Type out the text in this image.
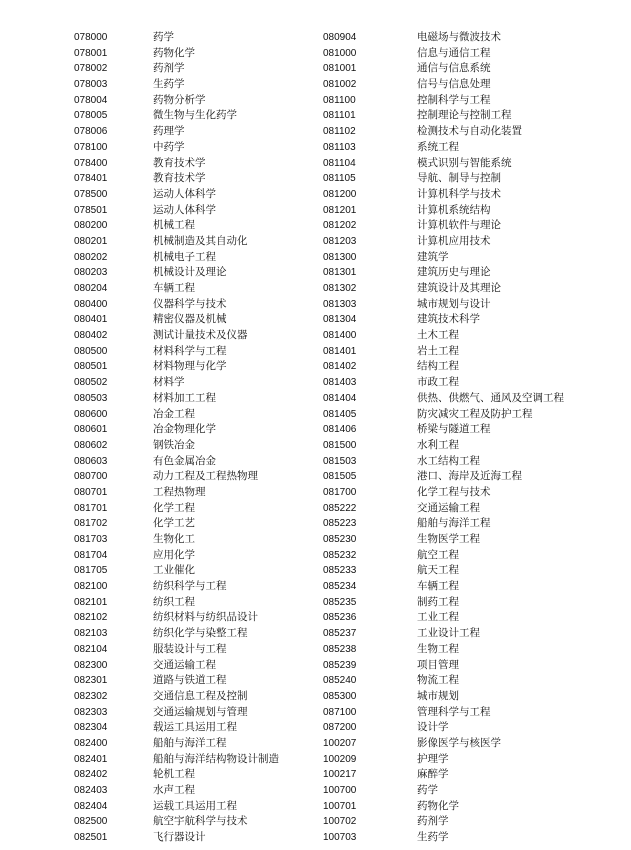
078000	药学
078001	药物化学
078002	药剂学
078003	生药学
078004	药物分析学
078005	微生物与生化药学
078006	药理学
078100	中药学
078400	教育技术学
078401	教育技术学
078500	运动人体科学
078501	运动人体科学
080200	机械工程
080201	机械制造及其自动化
080202	机械电子工程
080203	机械设计及理论
080204	车辆工程
080400	仪器科学与技术
080401	精密仪器及机械
080402	测试计量技术及仪器
080500	材料科学与工程
080501	材料物理与化学
080502	材料学
080503	材料加工工程
080600	冶金工程
080601	冶金物理化学
080602	钢铁冶金
080603	有色金属冶金
080700	动力工程及工程热物理
080701	工程热物理
081701	化学工程
081702	化学工艺
081703	生物化工
081704	应用化学
081705	工业催化
082100	纺织科学与工程
082101	纺织工程
082102	纺织材料与纺织品设计
082103	纺织化学与染整工程
082104	服装设计与工程
082300	交通运输工程
082301	道路与铁道工程
082302	交通信息工程及控制
082303	交通运输规划与管理
082304	载运工具运用工程
082400	船舶与海洋工程
082401	船舶与海洋结构物设计制造
082402	轮机工程
082403	水声工程
082404	运载工具运用工程
082500	航空宇航科学与技术
082501	飞行器设计
080904	电磁场与微波技术
081000	信息与通信工程
081001	通信与信息系统
081002	信号与信息处理
081100	控制科学与工程
081101	控制理论与控制工程
081102	检测技术与自动化装置
081103	系统工程
081104	模式识别与智能系统
081105	导航、制导与控制
081200	计算机科学与技术
081201	计算机系统结构
081202	计算机软件与理论
081203	计算机应用技术
081300	建筑学
081301	建筑历史与理论
081302	建筑设计及其理论
081303	城市规划与设计
081304	建筑技术科学
081400	土木工程
081401	岩土工程
081402	结构工程
081403	市政工程
081404	供热、供燃气、通风及空调工程
081405	防灾减灾工程及防护工程
081406	桥梁与隧道工程
081500	水利工程
081503	水工结构工程
081505	港口、海岸及近海工程
081700	化学工程与技术
085222	交通运输工程
085223	船舶与海洋工程
085230	生物医学工程
085232	航空工程
085233	航天工程
085234	车辆工程
085235	制药工程
085236	工业工程
085237	工业设计工程
085238	生物工程
085239	项目管理
085240	物流工程
085300	城市规划
087100	管理科学与工程
087200	设计学
100207	影像医学与核医学
100209	护理学
100217	麻醉学
100700	药学
100701	药物化学
100702	药剂学
100703	生药学
